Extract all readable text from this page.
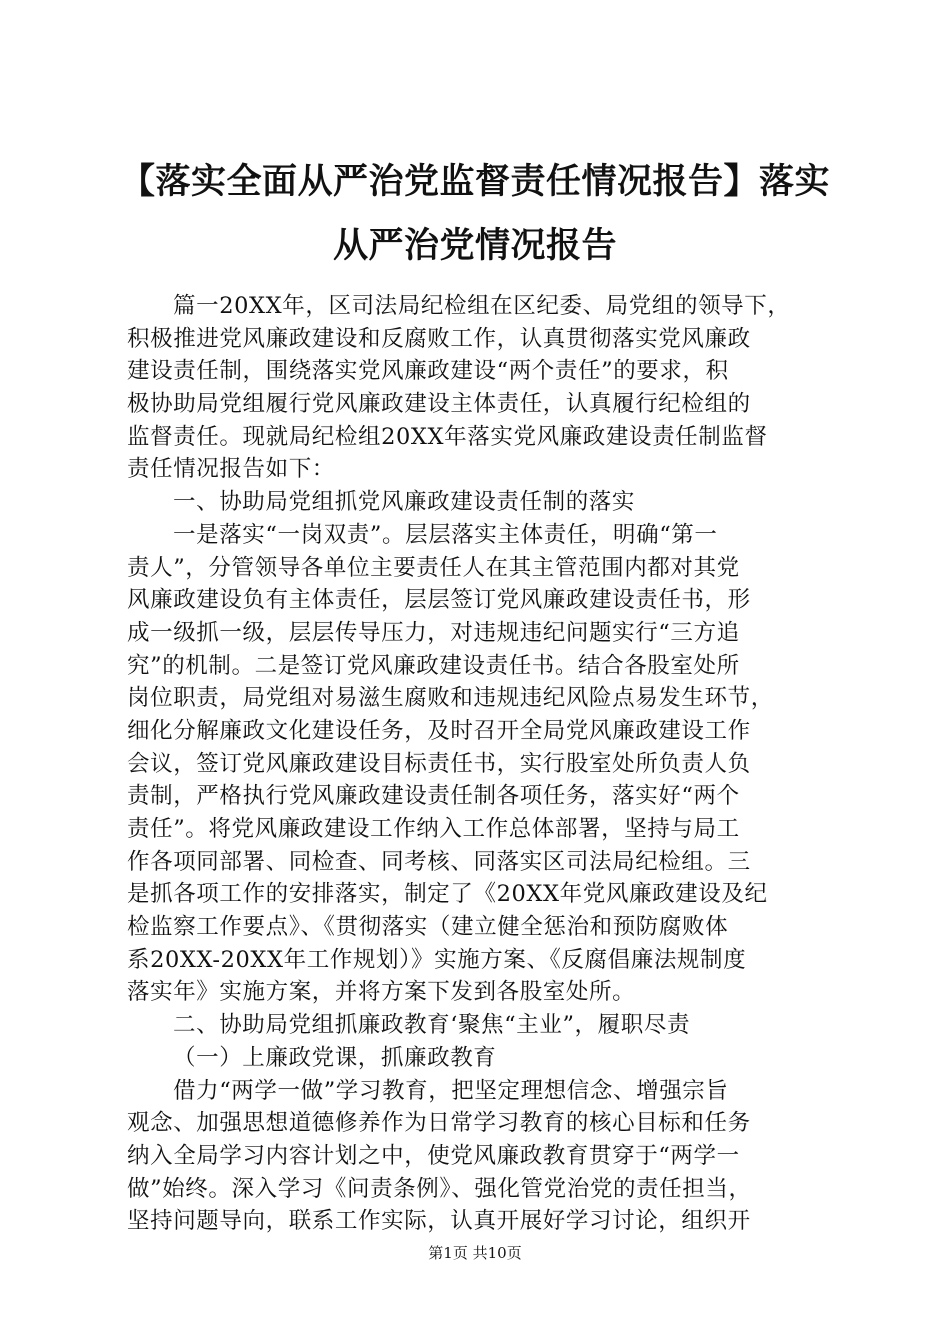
【落实全面从严治党监督责任情况报告】落实
从严治党情况报告
篇一20XX年，区司法局纪检组在区纪委、局党组的领导下，
积极推进党风廉政建设和反腐败工作，认真贯彻落实党风廉政
建设责任制，围绕落实党风廉政建设“两个责任”的要求，积
极协助局党组履行党风廉政建设主体责任，认真履行纪检组的
监督责任。现就局纪检组20XX年落实党风廉政建设责任制监督
责任情况报告如下：
一、协助局党组抓党风廉政建设责任制的落实
一是落实“一岗双责”。层层落实主体责任，明确“第一
责人”，分管领导各单位主要责任人在其主管范围内都对其党
风廉政建设负有主体责任，层层签订党风廉政建设责任书，形
成一级抓一级，层层传导压力，对违规违纪问题实行“三方追
究”的机制。二是签订党风廉政建设责任书。结合各股室处所
岗位职责，局党组对易滋生腐败和违规违纪风险点易发生环节，
细化分解廉政文化建设任务，及时召开全局党风廉政建设工作
会议，签订党风廉政建设目标责任书，实行股室处所负责人负
责制，严格执行党风廉政建设责任制各项任务，落实好“两个
责任”。将党风廉政建设工作纳入工作总体部署，坚持与局工
作各项同部署、同检查、同考核、同落实区司法局纪检组。三
是抓各项工作的安排落实，制定了《20XX年党风廉政建设及纪
检监察工作要点》、《贯彻落实（建立健全惩治和预防腐败体
系20XX-20XX年工作规划）》实施方案、《反腐倡廉法规制度
落实年》实施方案，并将方案下发到各股室处所。
二、协助局党组抓廉政教育‘聚焦“主业”，履职尽责
（一）上廉政党课，抓廉政教育
借力“两学一做”学习教育，把坚定理想信念、增强宗旨
观念、加强思想道德修养作为日常学习教育的核心目标和任务
纳入全局学习内容计划之中，使党风廉政教育贯穿于“两学一
做”始终。深入学习《问责条例》、强化管党治党的责任担当，
坚持问题导向，联系工作实际，认真开展好学习讨论，组织开
第1页 共10页
